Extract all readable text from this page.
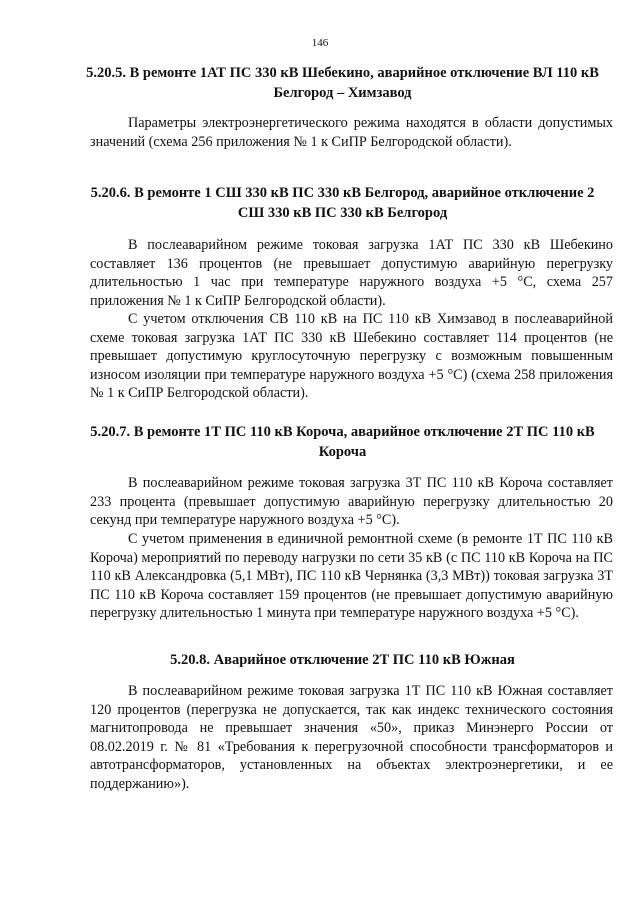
146
5.20.5. В ремонте 1АТ ПС 330 кВ Шебекино, аварийное отключение ВЛ 110 кВ Белгород – Химзавод
Параметры электроэнергетического режима находятся в области допустимых значений (схема 256 приложения № 1 к СиПР Белгородской области).
5.20.6. В ремонте 1 СШ 330 кВ ПС 330 кВ Белгород, аварийное отключение 2 СШ 330 кВ ПС 330 кВ Белгород
В послеаварийном режиме токовая загрузка 1АТ ПС 330 кВ Шебекино составляет 136 процентов (не превышает допустимую аварийную перегрузку длительностью 1 час при температуре наружного воздуха +5 °С, схема 257 приложения № 1 к СиПР Белгородской области).
С учетом отключения СВ 110 кВ на ПС 110 кВ Химзавод в послеаварийной схеме токовая загрузка 1АТ ПС 330 кВ Шебекино составляет 114 процентов (не превышает допустимую круглосуточную перегрузку с возможным повышенным износом изоляции при температуре наружного воздуха +5 °С) (схема 258 приложения № 1 к СиПР Белгородской области).
5.20.7. В ремонте 1Т ПС 110 кВ Короча, аварийное отключение 2Т ПС 110 кВ Короча
В послеаварийном режиме токовая загрузка 3Т ПС 110 кВ Короча составляет 233 процента (превышает допустимую аварийную перегрузку длительностью 20 секунд при температуре наружного воздуха +5 °С).
С учетом применения в единичной ремонтной схеме (в ремонте 1Т ПС 110 кВ Короча) мероприятий по переводу нагрузки по сети 35 кВ (с ПС 110 кВ Короча на ПС 110 кВ Александровка (5,1 МВт), ПС 110 кВ Чернянка (3,3 МВт)) токовая загрузка 3Т ПС 110 кВ Короча составляет 159 процентов (не превышает допустимую аварийную перегрузку длительностью 1 минута при температуре наружного воздуха +5 °С).
5.20.8. Аварийное отключение 2Т ПС 110 кВ Южная
В послеаварийном режиме токовая загрузка 1Т ПС 110 кВ Южная составляет 120 процентов (перегрузка не допускается, так как индекс технического состояния магнитопровода не превышает значения «50», приказ Минэнерго России от 08.02.2019 г. № 81 «Требования к перегрузочной способности трансформаторов и автотрансформаторов, установленных на объектах электроэнергетики, и ее поддержанию»).
